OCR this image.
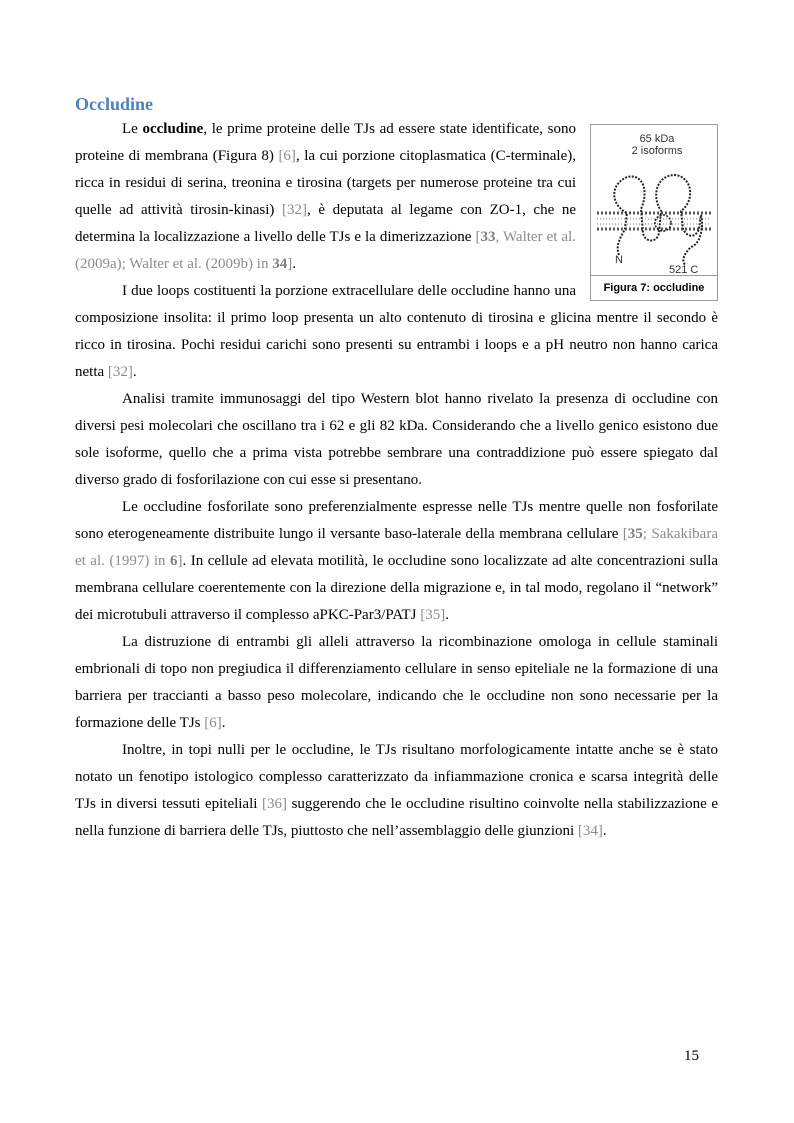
Occludine
65 kDa
2 isoforms
N
521 C
Figura 7: occludine

Le occludine, le prime proteine delle TJs ad essere state identificate, sono proteine di membrana (Figura 8) [6], la cui porzione citoplasmatica (C-terminale), ricca in residui di serina, treonina e tirosina (targets per numerose proteine tra cui quelle ad attività tirosin-kinasi) [32], è deputata al legame con ZO-1, che ne determina la localizzazione a livello delle TJs e la dimerizzazione [33, Walter et al. (2009a); Walter et al. (2009b) in 34].

I due loops costituenti la porzione extracellulare delle occludine hanno una composizione insolita: il primo loop presenta un alto contenuto di tirosina e glicina mentre il secondo è ricco in tirosina. Pochi residui carichi sono presenti su entrambi i loops e a pH neutro non hanno carica netta [32].

Analisi tramite immunosaggi del tipo Western blot hanno rivelato la presenza di occludine con diversi pesi molecolari che oscillano tra i 62 e gli 82 kDa. Considerando che a livello genico esistono due sole isoforme, quello che a prima vista potrebbe sembrare una contraddizione può essere spiegato dal diverso grado di fosforilazione con cui esse si presentano.

Le occludine fosforilate sono preferenzialmente espresse nelle TJs mentre quelle non fosforilate sono eterogeneamente distribuite lungo il versante baso-laterale della membrana cellulare [35; Sakakibara et al. (1997) in 6]. In cellule ad elevata motilità, le occludine sono localizzate ad alte concentrazioni sulla membrana cellulare coerentemente con la direzione della migrazione e, in tal modo, regolano il “network” dei microtubuli attraverso il complesso aPKC-Par3/PATJ [35].

La distruzione di entrambi gli alleli attraverso la ricombinazione omologa in cellule staminali embrionali di topo non pregiudica il differenziamento cellulare in senso epiteliale ne la formazione di una barriera per traccianti a basso peso molecolare, indicando che le occludine non sono necessarie per la formazione delle TJs [6].

Inoltre, in topi nulli per le occludine, le TJs risultano morfologicamente intatte anche se è stato notato un fenotipo istologico complesso caratterizzato da infiammazione cronica e scarsa integrità delle TJs in diversi tessuti epiteliali [36] suggerendo che le occludine risultino coinvolte nella stabilizzazione e nella funzione di barriera delle TJs, piuttosto che nell’assemblaggio delle giunzioni [34].

15
